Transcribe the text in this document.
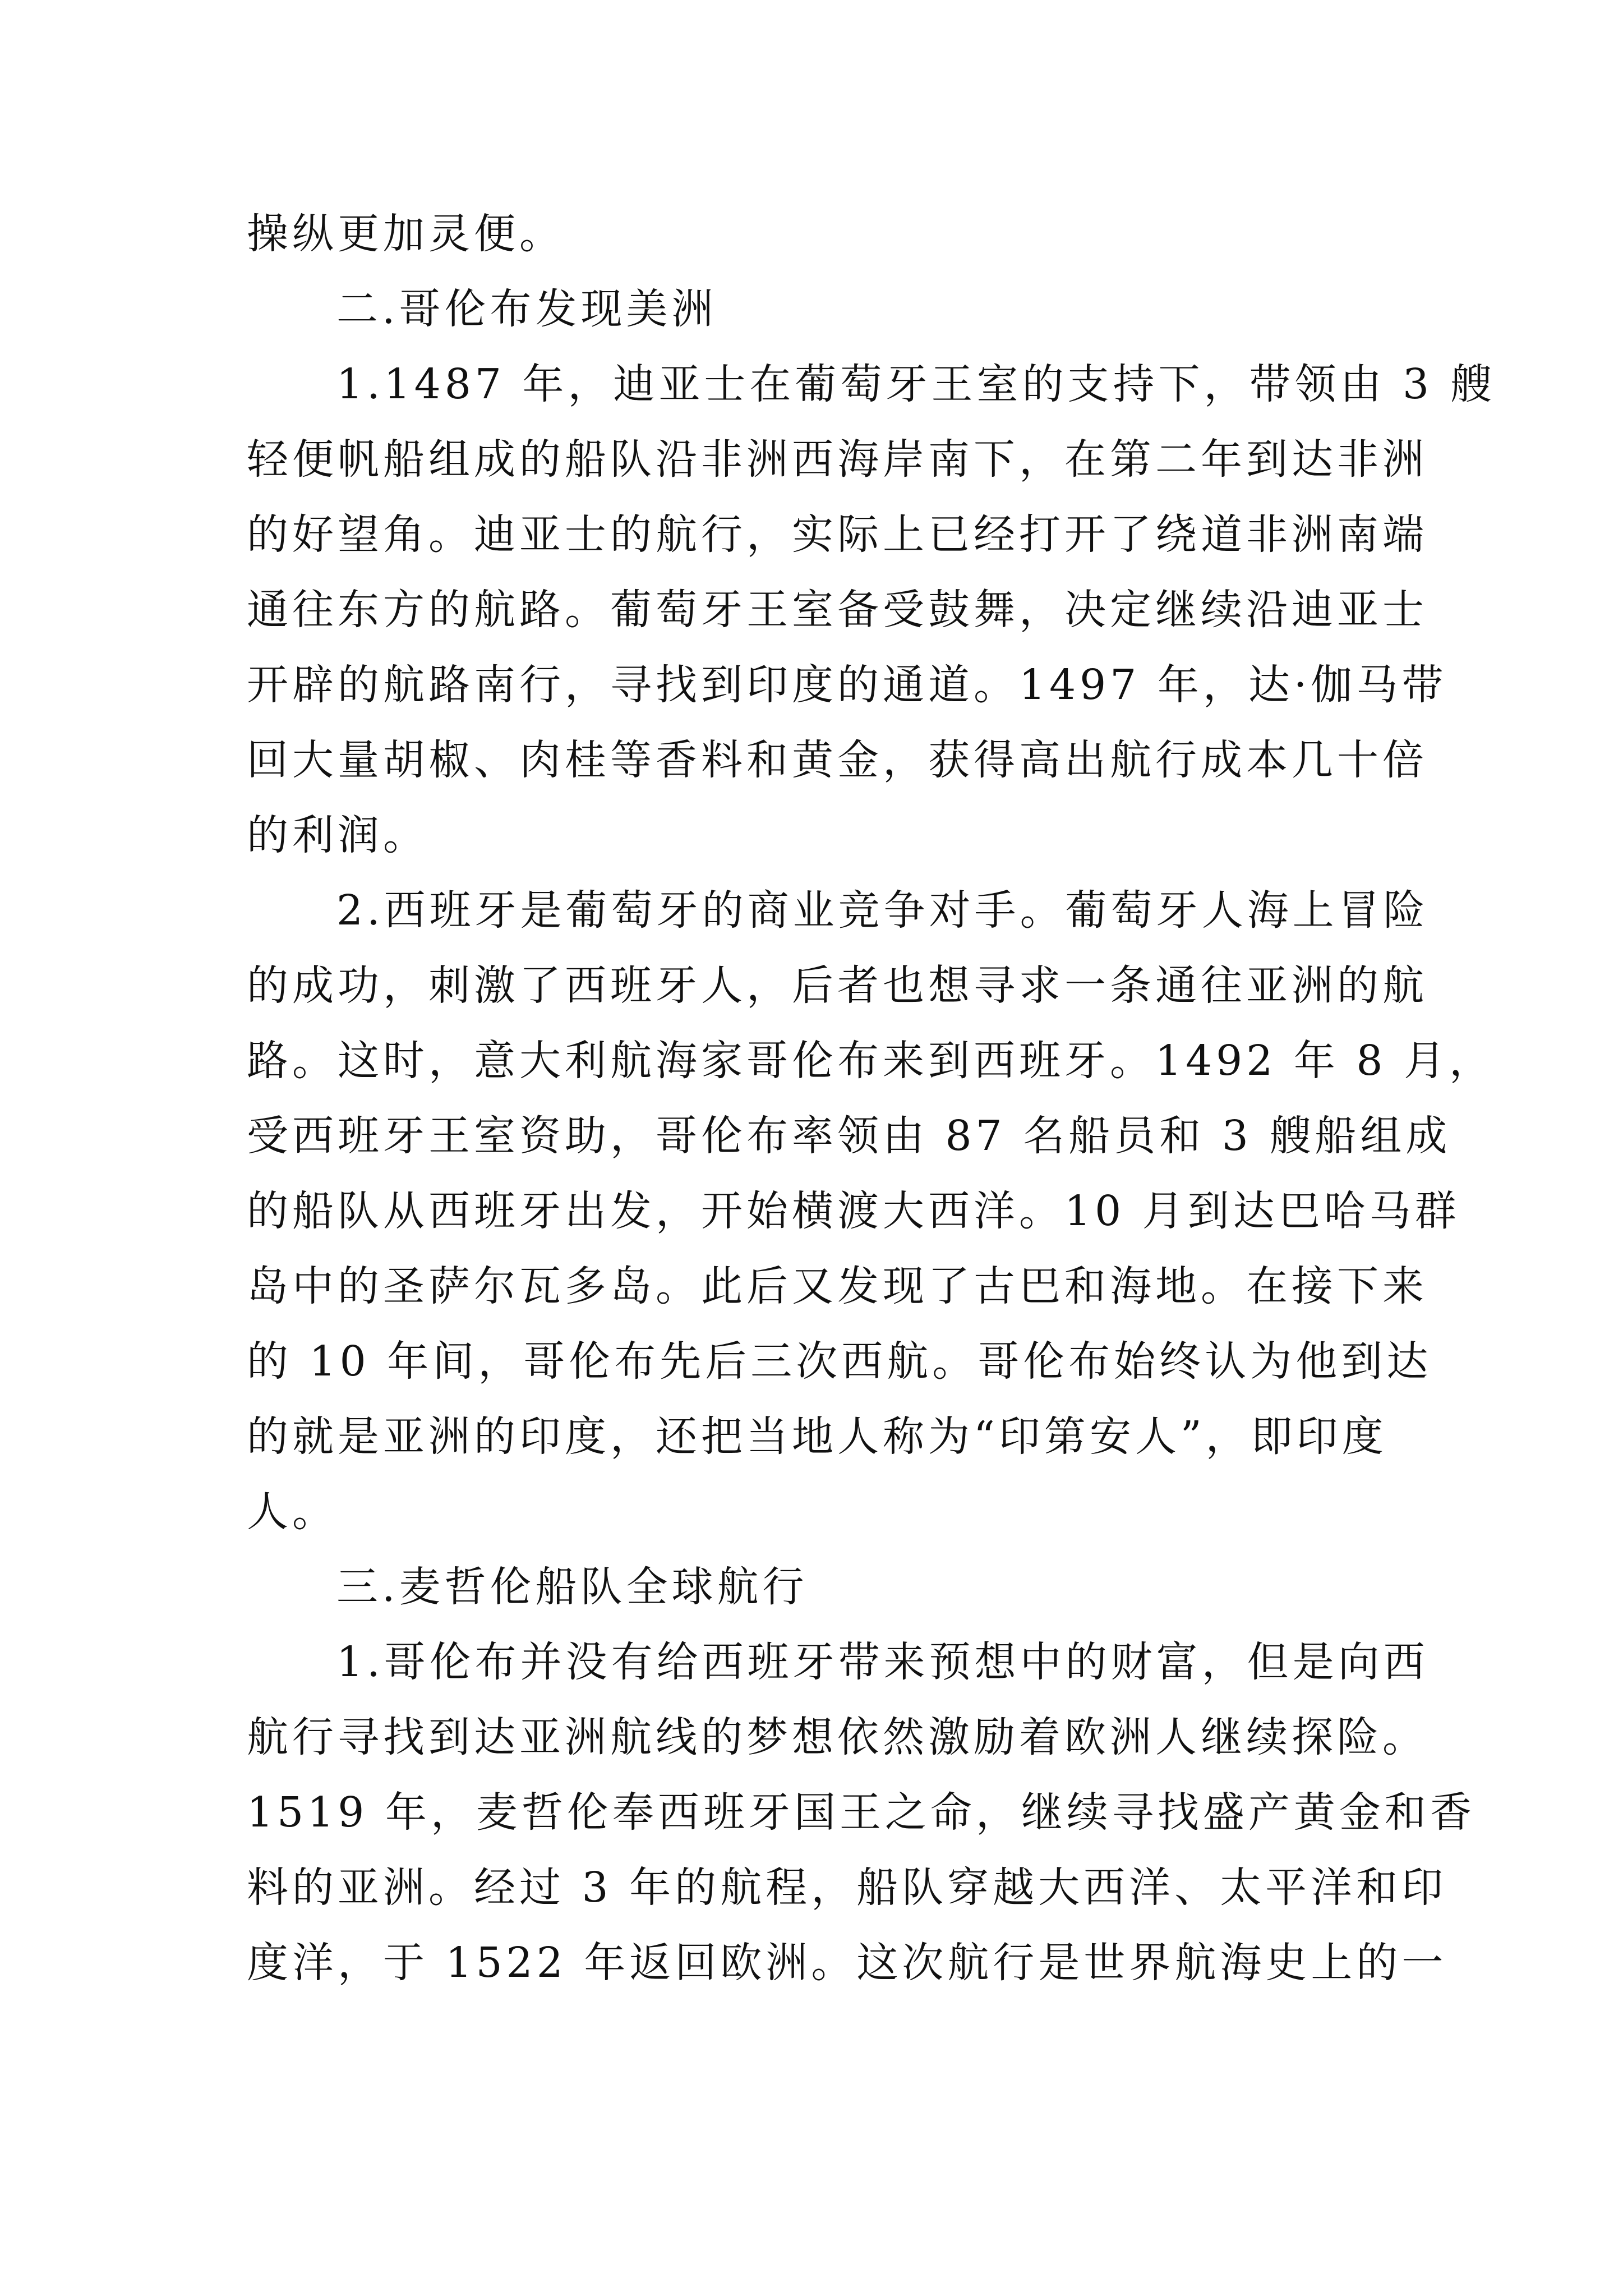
操纵更加灵便。
二.哥伦布发现美洲
1.1487 年，迪亚士在葡萄牙王室的支持下，带领由 3 艘
轻便帆船组成的船队沿非洲西海岸南下，在第二年到达非洲
的好望角。迪亚士的航行，实际上已经打开了绕道非洲南端
通往东方的航路。葡萄牙王室备受鼓舞，决定继续沿迪亚士
开辟的航路南行，寻找到印度的通道。1497 年，达·伽马带
回大量胡椒、肉桂等香料和黄金，获得高出航行成本几十倍
的利润。
2.西班牙是葡萄牙的商业竞争对手。葡萄牙人海上冒险
的成功，刺激了西班牙人，后者也想寻求一条通往亚洲的航
路。这时，意大利航海家哥伦布来到西班牙。1492 年 8 月，
受西班牙王室资助，哥伦布率领由 87 名船员和 3 艘船组成
的船队从西班牙出发，开始横渡大西洋。10 月到达巴哈马群
岛中的圣萨尔瓦多岛。此后又发现了古巴和海地。在接下来
的 10 年间，哥伦布先后三次西航。哥伦布始终认为他到达
的就是亚洲的印度，还把当地人称为“印第安人”，即印度
人。
三.麦哲伦船队全球航行
1.哥伦布并没有给西班牙带来预想中的财富，但是向西
航行寻找到达亚洲航线的梦想依然激励着欧洲人继续探险。
1519 年，麦哲伦奉西班牙国王之命，继续寻找盛产黄金和香
料的亚洲。经过 3 年的航程，船队穿越大西洋、太平洋和印
度洋，于 1522 年返回欧洲。这次航行是世界航海史上的一
